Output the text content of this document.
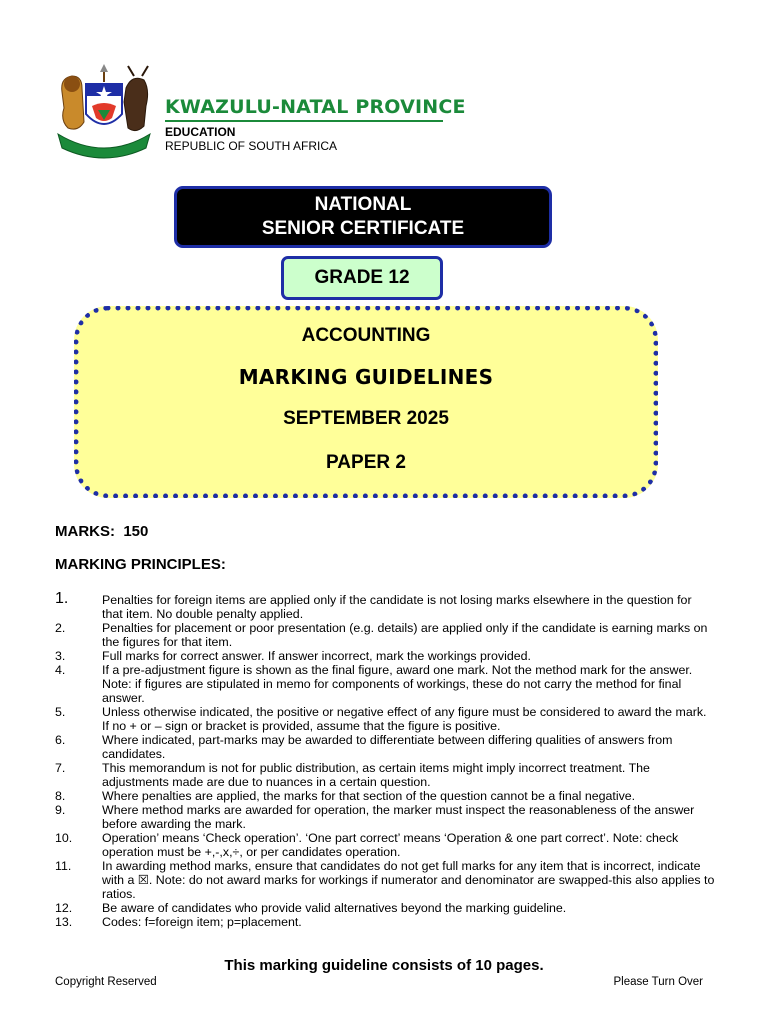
KWAZULU-NATAL PROVINCE
EDUCATION
REPUBLIC OF SOUTH AFRICA
NATIONAL
SENIOR CERTIFICATE
GRADE 12
ACCOUNTING
MARKING GUIDELINES
SEPTEMBER 2025
PAPER 2
MARKS:  150
MARKING PRINCIPLES:
1.	Penalties for foreign items are applied only if the candidate is not losing marks elsewhere in the question for that item. No double penalty applied.
2.	Penalties for placement or poor presentation (e.g. details) are applied only if the candidate is earning marks on the figures for that item.
3.	Full marks for correct answer. If answer incorrect, mark the workings provided.
4.	If a pre-adjustment figure is shown as the final figure, award one mark. Not the method mark for the answer. Note: if figures are stipulated in memo for components of workings, these do not carry the method for final answer.
5.	Unless otherwise indicated, the positive or negative effect of any figure must be considered to award the mark. If no + or – sign or bracket is provided, assume that the figure is positive.
6.	Where indicated, part-marks may be awarded to differentiate between differing qualities of answers from candidates.
7.	This memorandum is not for public distribution, as certain items might imply incorrect treatment. The adjustments made are due to nuances in a certain question.
8.	Where penalties are applied, the marks for that section of the question cannot be a final negative.
9.	Where method marks are awarded for operation, the marker must inspect the reasonableness of the answer before awarding the mark.
10.	Operation’ means ‘Check operation’. ‘One part correct’ means ‘Operation & one part correct’. Note: check operation must be +,-,x,÷, or per candidates operation.
11.	In awarding method marks, ensure that candidates do not get full marks for any item that is incorrect, indicate
with a ☒. Note: do not award marks for workings if numerator and denominator are swapped-this also applies to ratios.
12.	Be aware of candidates who provide valid alternatives beyond the marking guideline.
13.	Codes: f=foreign item; p=placement.
This marking guideline consists of 10 pages.
Copyright Reserved	Please Turn Over
